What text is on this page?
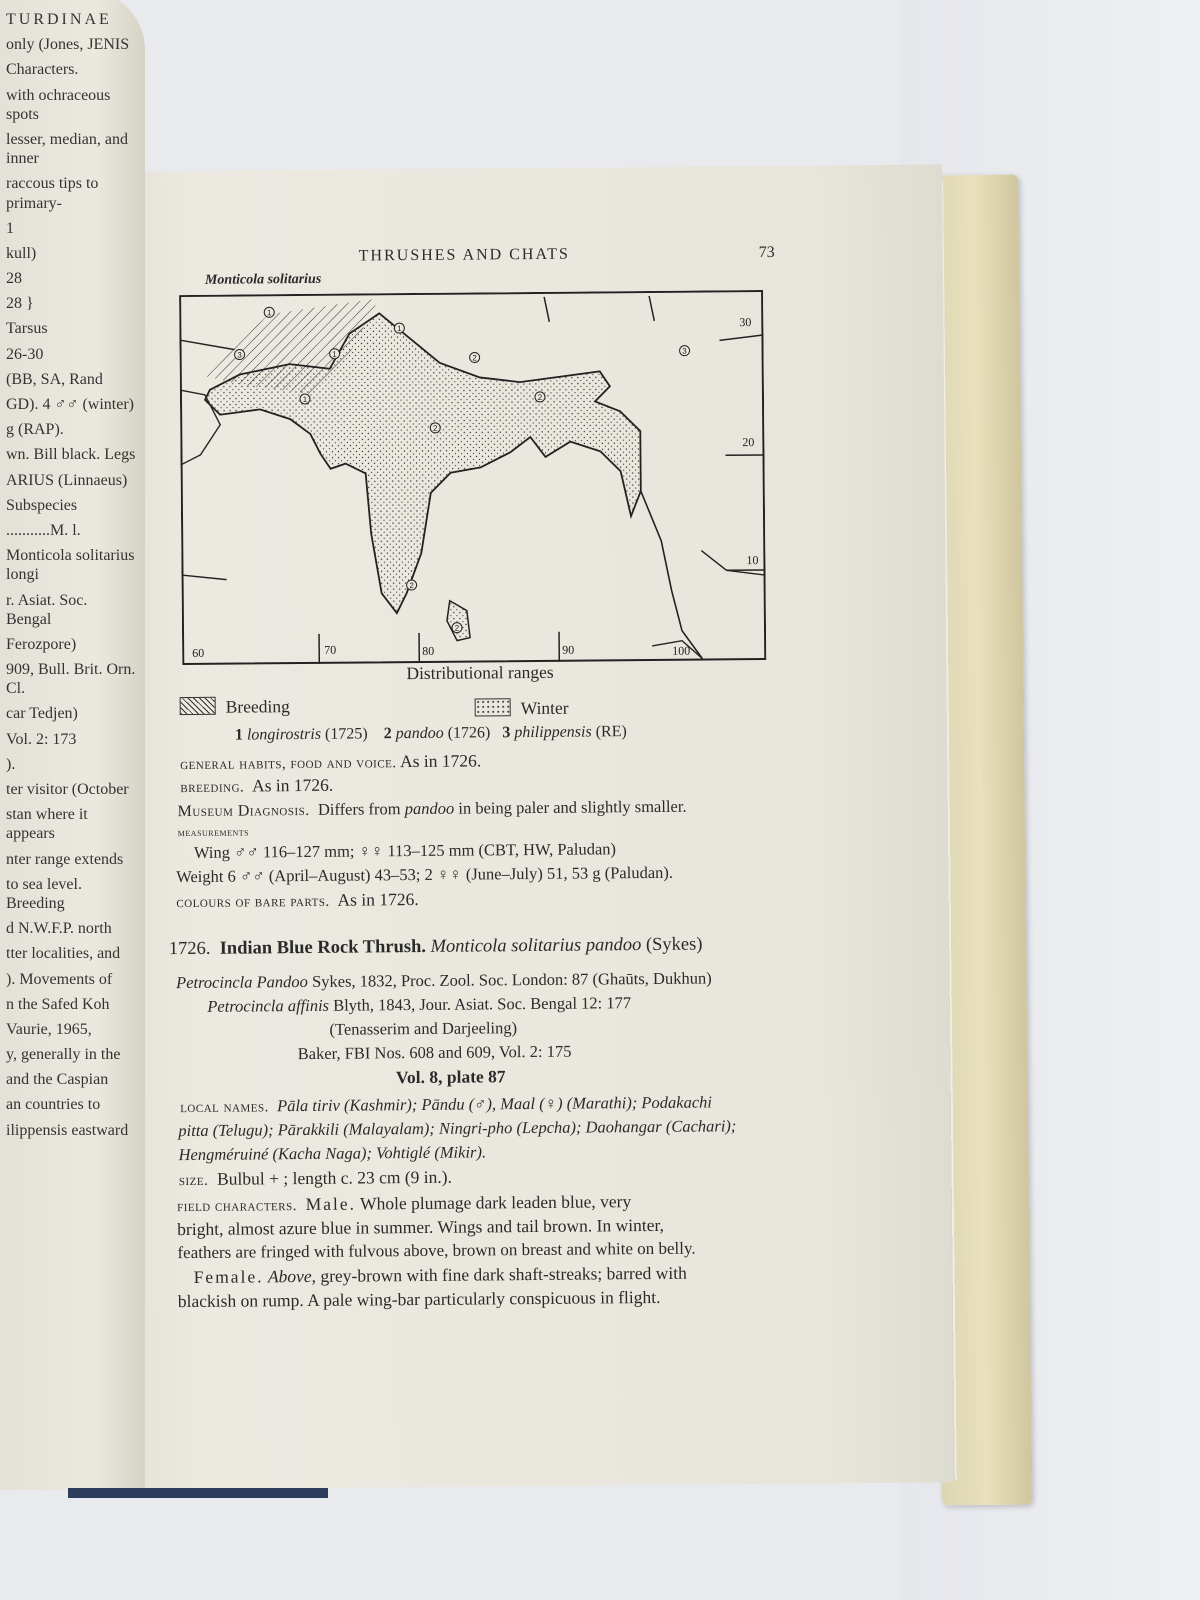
TURDINAE
only (Jones, JENIS
Characters.
with ochraceous spots
lesser, median, and inner
raccous tips to primary-
1
kull)
28
28 }
Tarsus
26-30
(BB, SA, Rand
GD). 4 ♂♂ (winter)
g (RAP).
wn. Bill black. Legs
ARIUS (Linnaeus)
Subspecies
...........M. l.
Monticola solitarius longi
r. Asiat. Soc. Bengal
Ferozpore)
909, Bull. Brit. Orn. Cl.
car Tedjen)
Vol. 2: 173
).
ter visitor (October
stan where it appears
nter range extends
to sea level. Breeding
d N.W.F.P. north
tter localities, and
). Movements of
n the Safed Koh
Vaurie, 1965,
y, generally in the
and the Caspian
an countries to
ilippensis eastward
THRUSHES AND CHATS	73
Monticola solitarius
60	70	80	90	100
30
20
10
1
1
1
1
2
2
2
2
2
3
3
Distributional ranges
Breeding	Winter
1 longirostris (1725) 2 pandoo (1726) 3 philippensis (RE)
general habits, food and voice. As in 1726.
breeding. As in 1726.
Museum Diagnosis. Differs from pandoo in being paler and slightly smaller.
measurements
Wing ♂♂ 116–127 mm; ♀♀ 113–125 mm (CBT, HW, Paludan)
Weight 6 ♂♂ (April–August) 43–53; 2 ♀♀ (June–July) 51, 53 g (Paludan).
colours of bare parts. As in 1726.
1726. Indian Blue Rock Thrush. Monticola solitarius pandoo (Sykes)
Petrocincla Pandoo Sykes, 1832, Proc. Zool. Soc. London: 87 (Ghaūts, Dukhun)
Petrocincla affinis Blyth, 1843, Jour. Asiat. Soc. Bengal 12: 177
(Tenasserim and Darjeeling)
Baker, FBI Nos. 608 and 609, Vol. 2: 175
Vol. 8, plate 87
local names. Pāla tiriv (Kashmir); Pāndu (♂), Maal (♀) (Marathi); Podakachi
pitta (Telugu); Pārakkili (Malayalam); Ningri-pho (Lepcha); Daohangar (Cachari);
Hengméruiné (Kacha Naga); Vohtiglé (Mikir).
size. Bulbul + ; length c. 23 cm (9 in.).
field characters. Male. Whole plumage dark leaden blue, very
bright, almost azure blue in summer. Wings and tail brown. In winter,
feathers are fringed with fulvous above, brown on breast and white on belly.
Female. Above, grey-brown with fine dark shaft-streaks; barred with
blackish on rump. A pale wing-bar particularly conspicuous in flight.
